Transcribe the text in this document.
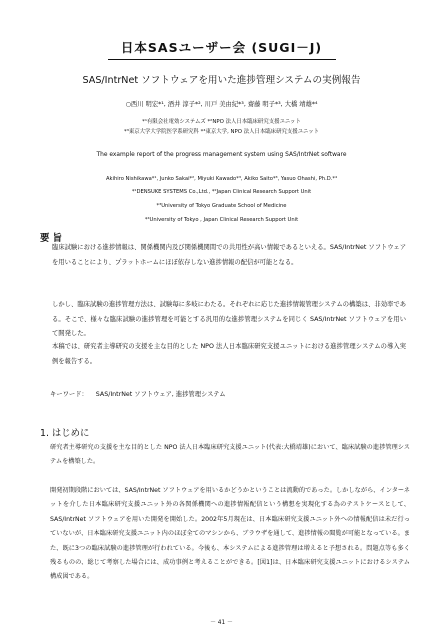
日本SASユーザー会 (SUGI－J)
SAS/IntrNet ソフトウェアを用いた進捗管理システムの実例報告
○西川 明宏*¹, 酒井 淳子*², 川戸 美由紀*³, 齋藤 明子*³, 大橋 靖雄*⁴
*¹有限会社電効システムズ *²NPO 法人日本臨床研究支援ユニット
*³東京大学大学院医学系研究科 *⁴東京大学, NPO 法人日本臨床研究支援ユニット
The example report of the progress management system using SAS/IntrNet software
Akihiro Nishikawa*¹, Junko Sakai*², Miyuki Kawado*³, Akiko Saito*³, Yasuo Ohashi, Ph.D.*⁴
*¹DENSUKE SYSTEMS Co.,Ltd., *²Japan Clinical Research Support Unit
*³University of Tokyo Graduate School of Medicine
*⁴University of Tokyo , Japan Clinical Research Support Unit
要 旨

臨床試験における進捗情報は、関係機関内及び関係機関間での共用性が高い情報であるといえる。SAS/IntrNet ソフトウェアを用いることにより、プラットホームにほぼ依存しない進捗情報の配信が可能となる。

しかし、臨床試験の進捗管理方法は、試験毎に多岐にわたる。それぞれに応じた進捗情報管理システムの構築は、非効率である。そこで、様々な臨床試験の進捗管理を可能とする汎用的な進捗管理システムを同じく SAS/IntrNet ソフトウェアを用いて開発した。

本稿では、研究者主導研究の支援を主な目的とした NPO 法人日本臨床研究支援ユニットにおける進捗管理システムの導入実例を報告する。

キーワード： SAS/IntrNet ソフトウェア, 進捗管理システム
1. はじめに

研究者主導研究の支援を主な目的とした NPO 法人日本臨床研究支援ユニット(代表:大橋靖雄)において、臨床試験の進捗管理システムを構築した。

開発初期段階においては、SAS/IntrNet ソフトウェアを用いるかどうかということは流動的であった。しかしながら、インターネットを介した日本臨床研究支援ユニット外の各関係機関への進捗情報配信という構想を実現化する為のテストケースとして、SAS/IntrNet ソフトウェアを用いた開発を開始した。2002年5月現在は、日本臨床研究支援ユニット外への情報配信は未だ行っていないが、日本臨床研究支援ユニット内のほぼ全てのマシンから、ブラウザを通して、進捗情報の閲覧が可能となっている。また、既に3つの臨床試験の進捗管理が行われている。今後も、本システムによる進捗管理は増えると予想される。問題点等も多く残るものの、総じて考察した場合には、成功事例と考えることができる。[図1]は、日本臨床研究支援ユニットにおけるシステム構成図である。

－ 41 －
